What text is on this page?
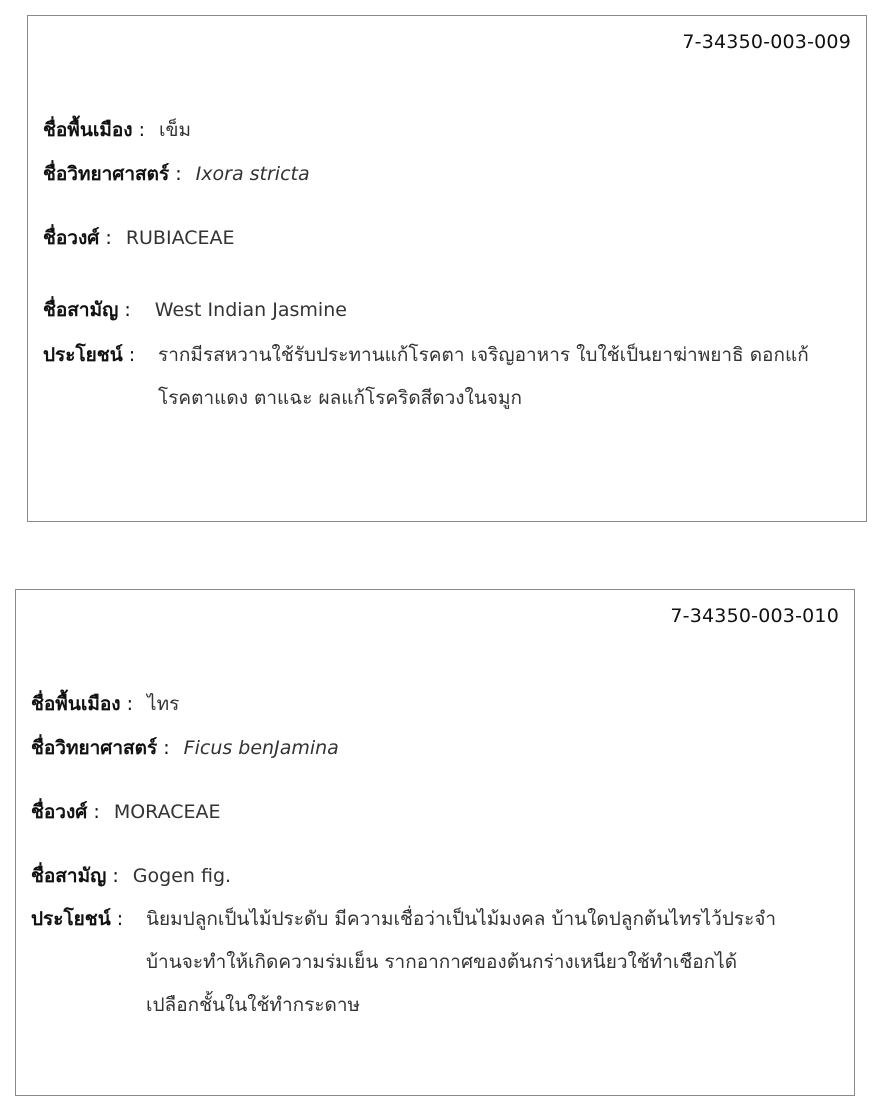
7-34350-003-009
ชื่อพื้นเมือง : เข็ม
ชื่อวิทยาศาสตร์ : Ixora stricta
ชื่อวงศ์ : RUBIACEAE
ชื่อสามัญ : West Indian Jasmine
ประโยชน์ :	รากมีรสหวานใช้รับประทานแก้โรคตา เจริญอาหาร ใบใช้เป็นยาฆ่าพยาธิ ดอกแก้
โรคตาแดง ตาแฉะ ผลแก้โรคริดสีดวงในจมูก
7-34350-003-010
ชื่อพื้นเมือง : ไทร
ชื่อวิทยาศาสตร์ : Ficus benJamina
ชื่อวงศ์ : MORACEAE
ชื่อสามัญ : Gogen fig.
ประโยชน์ :	นิยมปลูกเป็นไม้ประดับ มีความเชื่อว่าเป็นไม้มงคล บ้านใดปลูกต้นไทรไว้ประจำ
บ้านจะทำให้เกิดความร่มเย็น รากอากาศของต้นกร่างเหนียวใช้ทำเชือกได้
เปลือกชั้นในใช้ทำกระดาษ
